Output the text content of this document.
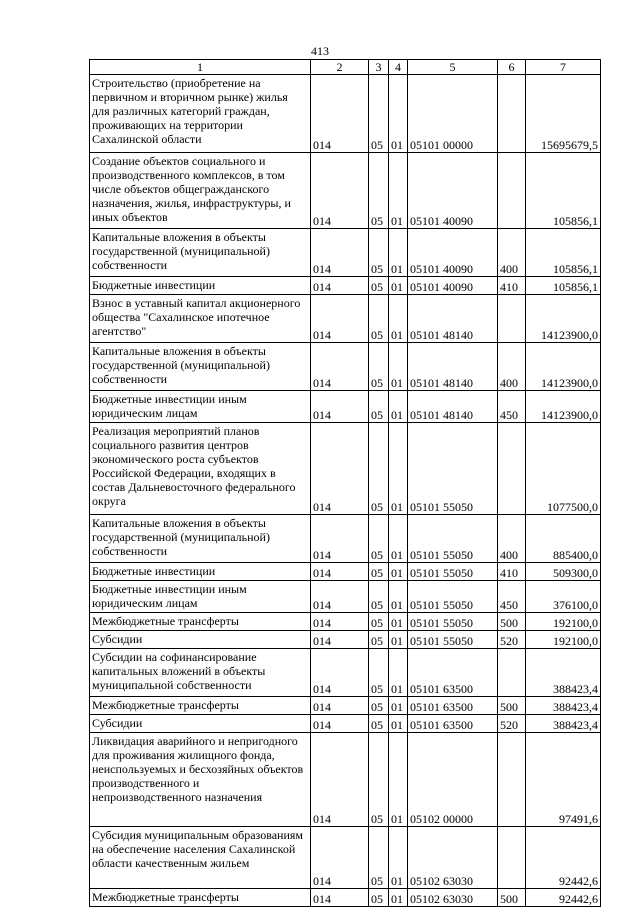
413
1	2	3	4	5	6	7
Строительство (приобретение на первичном и вторичном рынке) жилья для различных категорий граждан, проживающих на территории Сахалинской области	014	05	01	05101 00000		15695679,5
Создание объектов социального и производственного комплексов, в том числе объектов общегражданского назначения, жилья, инфраструктуры, и иных объектов	014	05	01	05101 40090		105856,1
Капитальные вложения в объекты государственной (муниципальной) собственности	014	05	01	05101 40090	400	105856,1
Бюджетные инвестиции	014	05	01	05101 40090	410	105856,1
Взнос в уставный капитал акционерного общества "Сахалинское ипотечное агентство"	014	05	01	05101 48140		14123900,0
Капитальные вложения в объекты государственной (муниципальной) собственности	014	05	01	05101 48140	400	14123900,0
Бюджетные инвестиции иным юридическим лицам	014	05	01	05101 48140	450	14123900,0
Реализация мероприятий планов социального развития центров экономического роста субъектов Российской Федерации, входящих в состав Дальневосточного федерального округа	014	05	01	05101 55050		1077500,0
Капитальные вложения в объекты государственной (муниципальной) собственности	014	05	01	05101 55050	400	885400,0
Бюджетные инвестиции	014	05	01	05101 55050	410	509300,0
Бюджетные инвестиции иным юридическим лицам	014	05	01	05101 55050	450	376100,0
Межбюджетные трансферты	014	05	01	05101 55050	500	192100,0
Субсидии	014	05	01	05101 55050	520	192100,0
Субсидии на софинансирование капитальных вложений в объекты муниципальной собственности	014	05	01	05101 63500		388423,4
Межбюджетные трансферты	014	05	01	05101 63500	500	388423,4
Субсидии	014	05	01	05101 63500	520	388423,4
Ликвидация аварийного и непригодного для проживания жилищного фонда, неиспользуемых и бесхозяйных объектов производственного и непроизводственного назначения	014	05	01	05102 00000		97491,6
Субсидия муниципальным образованиям на обеспечение населения Сахалинской области качественным жильем	014	05	01	05102 63030		92442,6
Межбюджетные трансферты	014	05	01	05102 63030	500	92442,6
